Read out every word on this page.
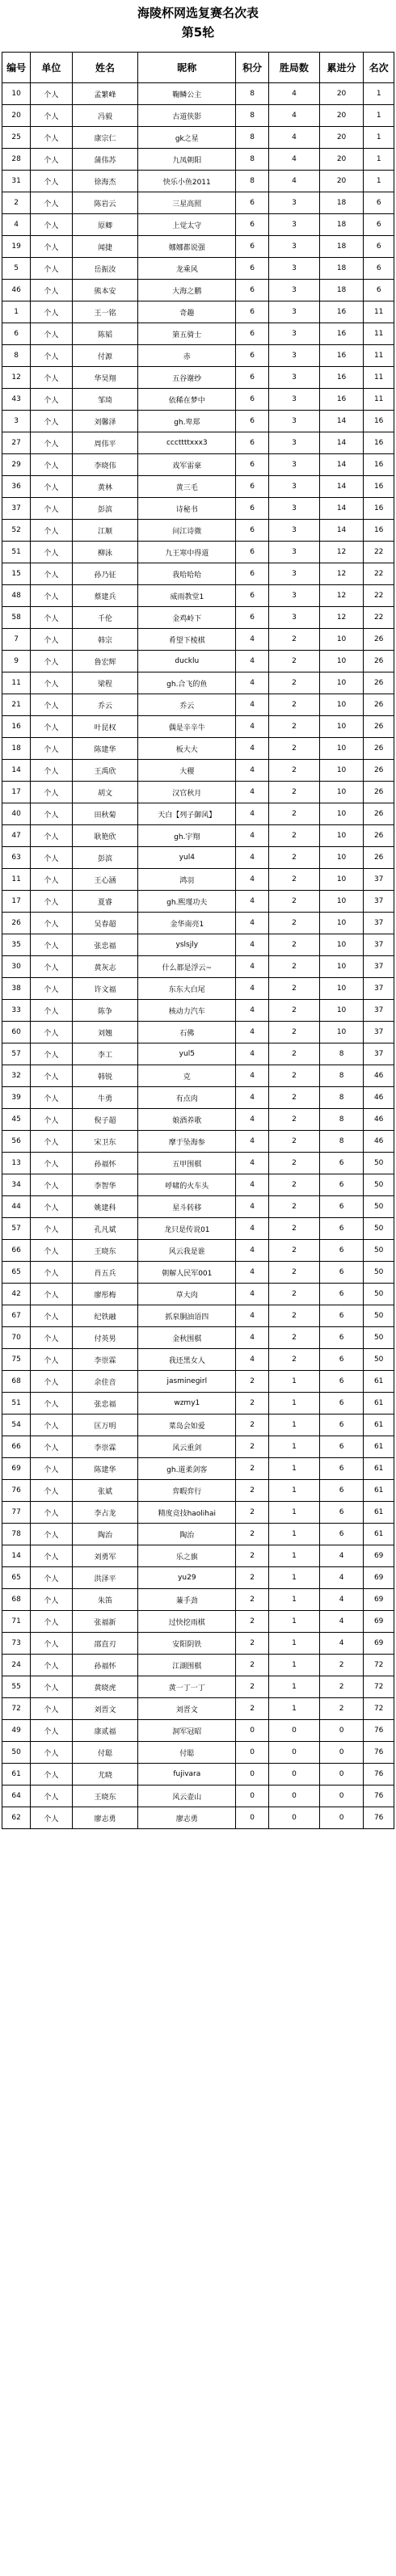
海陵杯网选复赛名次表
第5轮
编号	单位	姓名	昵称	积分	胜局数	累进分	名次
10	个人	孟繁峰	鞠鳞公主	8	4	20	1
20	个人	冯毅	古道侠影	8	4	20	1
25	个人	康宗仁	gk之星	8	4	20	1
28	个人	蒲伟苏	九凤朝阳	8	4	20	1
31	个人	徐海杰	快乐小鱼2011	8	4	20	1
2	个人	陈岩云	三星高照	6	3	18	6
4	个人	原卿	上觉太守	6	3	18	6
19	个人	闻捷	娜娜都说强	6	3	18	6
5	个人	岳振汝	龙乘风	6	3	18	6
46	个人	熊本安	大海之鹏	6	3	18	6
1	个人	王一铭	奇趣	6	3	16	11
6	个人	陈韬	第五骑士	6	3	16	11
8	个人	付源	赤	6	3	16	11
12	个人	华昊翔	五谷谢纱	6	3	16	11
43	个人	邹琦	依稀在梦中	6	3	16	11
3	个人	刘馨泽	gh.卑郑	6	3	14	16
27	个人	周伟平	cccttttxxx3	6	3	14	16
29	个人	李晓伟	戏军雷豪	6	3	14	16
36	个人	黄林	黄三毛	6	3	14	16
37	个人	彭滨	诗秘书	6	3	14	16
52	个人	江顺	问江诗微	6	3	14	16
51	个人	柳泳	九王寒中得道	6	3	12	22
15	个人	孙乃征	我哈哈哈	6	3	12	22
48	个人	蔡建兵	威雨教堂1	6	3	12	22
58	个人	千伦	金鸡岭下	6	3	12	22
7	个人	韩宗	肴望下棱棋	4	2	10	26
9	个人	鲁宏辉	ducklu	4	2	10	26
11	个人	梁程	gh.合飞的鱼	4	2	10	26
21	个人	乔云	乔云	4	2	10	26
16	个人	叶昆权	偶是辛辛牛	4	2	10	26
18	个人	陈建华	板大大	4	2	10	26
14	个人	王禹欣	大稷	4	2	10	26
17	个人	胡文	汉官秋月	4	2	10	26
40	个人	田秋菊	天白【列子御风】	4	2	10	26
47	个人	耿艳欣	gh.宇翔	4	2	10	26
63	个人	彭滨	yul4	4	2	10	26
11	个人	王心涵	鸿羽	4	2	10	37
17	个人	夏睿	gh.熙瑾功夫	4	2	10	37
26	个人	吴春超	金华南亮1	4	2	10	37
35	个人	张忠福	yslsjly	4	2	10	37
30	个人	黄灰志	什么都是浮云~	4	2	10	37
38	个人	许文福	东东大白尾	4	2	10	37
33	个人	陈争	核动力汽车	4	2	10	37
60	个人	刘翘	石佛	4	2	10	37
57	个人	李工	yul5	4	2	8	37
32	个人	韩锐	克	4	2	8	46
39	个人	牛勇	有点肉	4	2	8	46
45	个人	倪子超	娘酒养歌	4	2	8	46
56	个人	宋卫东	摩于坠海参	4	2	8	46
13	个人	孙福怀	五甲围棋	4	2	6	50
34	个人	李智华	呼啸的火车头	4	2	6	50
44	个人	姚建科	星斗转移	4	2	6	50
57	个人	孔凡斌	龙只是传说01	4	2	6	50
66	个人	王晓东	风云我是谁	4	2	6	50
65	个人	肖五兵	朝解人民军001	4	2	6	50
42	个人	廖彤梅	草大肉	4	2	6	50
67	个人	纪铁融	抓泉胴油语四	4	2	6	50
70	个人	付英男	金秋围棋	4	2	6	50
75	个人	李崇霖	我还黑女人	4	2	6	50
68	个人	余佳音	jasminegirl	2	1	6	61
51	个人	张忠福	wzmy1	2	1	6	61
54	个人	匡万明	菜岛会如爱	2	1	6	61
66	个人	李崇霖	风云重剑	2	1	6	61
69	个人	陈建华	gh.道柔剑客	2	1	6	61
76	个人	张斌	弈暇弈行	2	1	6	61
77	个人	李占龙	精度竞技haolihai	2	1	6	61
78	个人	陶治	陶治	2	1	6	61
14	个人	刘勇军	乐之旗	2	1	4	69
65	个人	洪泽平	yu29	2	1	4	69
68	个人	朱笛	蒹手劲	2	1	4	69
71	个人	张福新	过快挖雨棋	2	1	4	69
73	个人	邵直刃	安阳阴铁	2	1	4	69
24	个人	孙福怀	江湖围棋	2	1	2	72
55	个人	黄晓虎	黄一丁一丁	2	1	2	72
72	个人	刘晋文	刘晋文	2	1	2	72
49	个人	康贰福	洞军冠昭	0	0	0	76
50	个人	付聪	付聪	0	0	0	76
61	个人	尤晓	fujivara	0	0	0	76
64	个人	王晓东	风云壶山	0	0	0	76
62	个人	廖志勇	廖志勇	0	0	0	76
